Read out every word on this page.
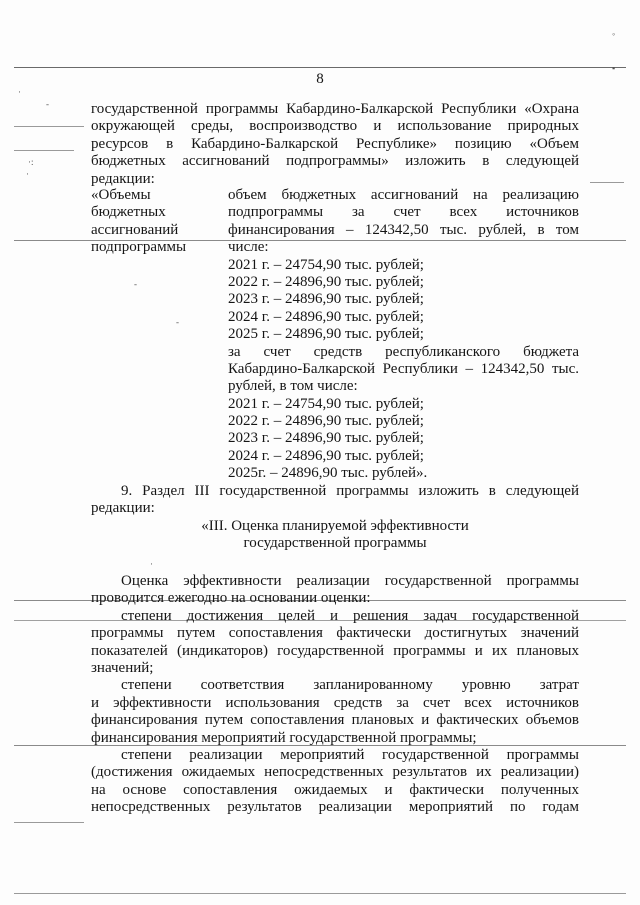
◦
·
-
·:
·
▪
-
-
·
8
государственной программы Кабардино-Балкарской Республики «Охрана
окружающей среды, воспроизводство и использование природных
ресурсов в Кабардино-Балкарской Республике» позицию «Объем
бюджетных ассигнований подпрограммы» изложить в следующей
редакции:
«Объемы
бюджетных
ассигнований
подпрограммы
объем бюджетных ассигнований на реализацию
подпрограммы за счет всех источников
финансирования – 124342,50 тыс. рублей, в том
числе:
2021 г. – 24754,90 тыс. рублей;
2022 г. – 24896,90 тыс. рублей;
2023 г. – 24896,90 тыс. рублей;
2024 г. – 24896,90 тыс. рублей;
2025 г. – 24896,90 тыс. рублей;
за счет средств республиканского бюджета
Кабардино-Балкарской Республики – 124342,50 тыс.
рублей, в том числе:
2021 г. – 24754,90 тыс. рублей;
2022 г. – 24896,90 тыс. рублей;
2023 г. – 24896,90 тыс. рублей;
2024 г. – 24896,90 тыс. рублей;
2025г. – 24896,90 тыс. рублей».
9. Раздел III государственной программы изложить в следующей
редакции:
«III. Оценка планируемой эффективности
государственной программы
Оценка эффективности реализации государственной программы
проводится ежегодно на основании оценки:
степени достижения целей и решения задач государственной
программы путем сопоставления фактически достигнутых значений
показателей (индикаторов) государственной программы и их плановых
значений;
степени соответствия запланированному уровню затрат
и эффективности использования средств за счет всех источников
финансирования путем сопоставления плановых и фактических объемов
финансирования мероприятий государственной программы;
степени реализации мероприятий государственной программы
(достижения ожидаемых непосредственных результатов их реализации)
на основе сопоставления ожидаемых и фактически полученных
непосредственных результатов реализации мероприятий по годам
